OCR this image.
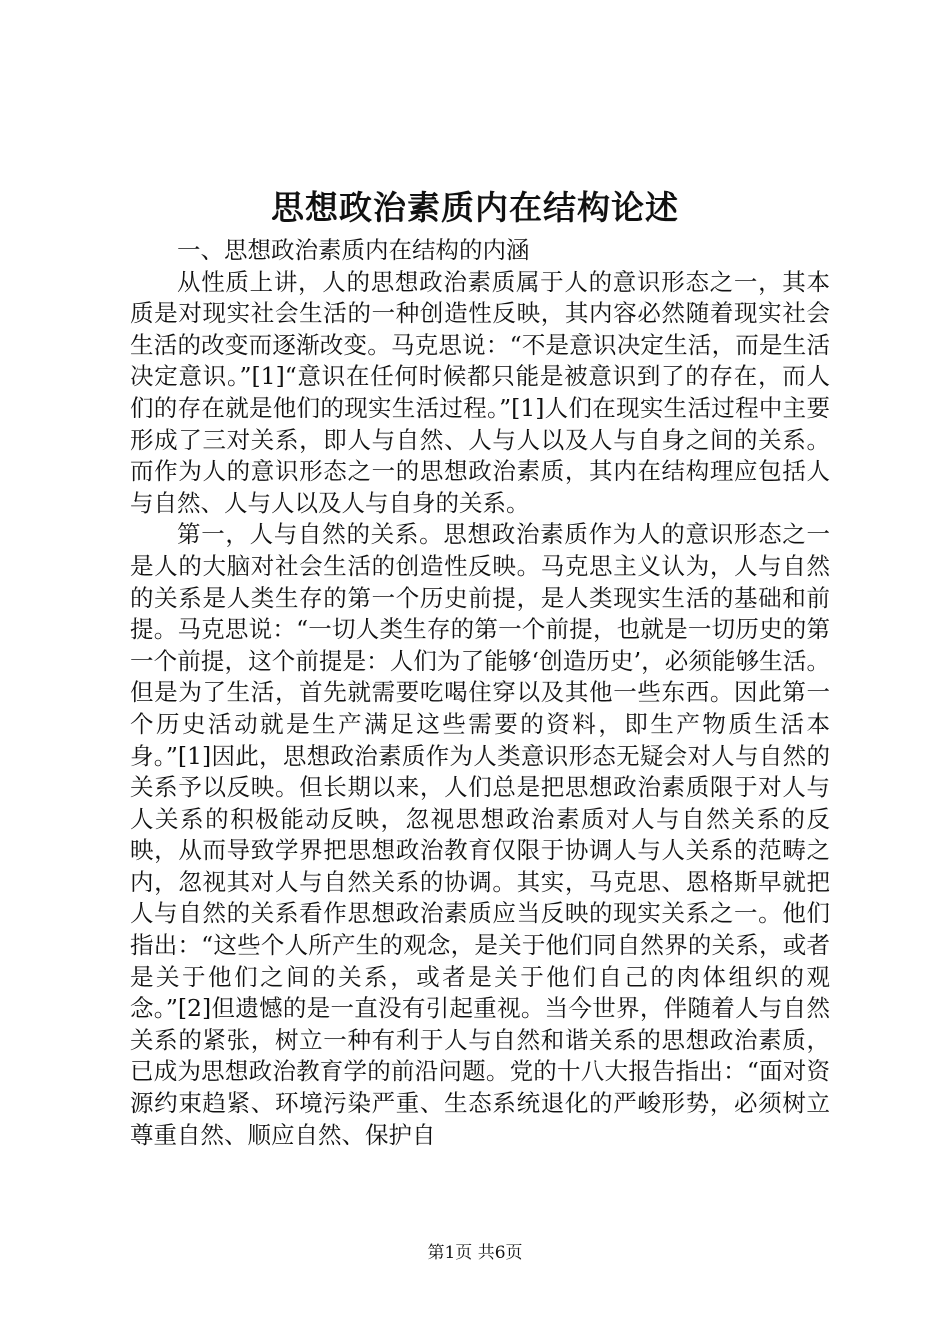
思想政治素质内在结构论述

一、思想政治素质内在结构的内涵

从性质上讲，人的思想政治素质属于人的意识形态之一，其本质是对现实社会生活的一种创造性反映，其内容必然随着现实社会生活的改变而逐渐改变。马克思说：“不是意识决定生活，而是生活决定意识。”[1]“意识在任何时候都只能是被意识到了的存在，而人们的存在就是他们的现实生活过程。”[1]人们在现实生活过程中主要形成了三对关系，即人与自然、人与人以及人与自身之间的关系。而作为人的意识形态之一的思想政治素质，其内在结构理应包括人与自然、人与人以及人与自身的关系。

第一，人与自然的关系。思想政治素质作为人的意识形态之一是人的大脑对社会生活的创造性反映。马克思主义认为，人与自然的关系是人类生存的第一个历史前提，是人类现实生活的基础和前提。马克思说：“一切人类生存的第一个前提，也就是一切历史的第一个前提，这个前提是：人们为了能够‘创造历史’，必须能够生活。但是为了生活，首先就需要吃喝住穿以及其他一些东西。因此第一个历史活动就是生产满足这些需要的资料，即生产物质生活本身。”[1]因此，思想政治素质作为人类意识形态无疑会对人与自然的关系予以反映。但长期以来，人们总是把思想政治素质限于对人与人关系的积极能动反映，忽视思想政治素质对人与自然关系的反映，从而导致学界把思想政治教育仅限于协调人与人关系的范畴之内，忽视其对人与自然关系的协调。其实，马克思、恩格斯早就把人与自然的关系看作思想政治素质应当反映的现实关系之一。他们指出：“这些个人所产生的观念，是关于他们同自然界的关系，或者是关于他们之间的关系，或者是关于他们自己的肉体组织的观念。”[2]但遗憾的是一直没有引起重视。当今世界，伴随着人与自然关系的紧张，树立一种有利于人与自然和谐关系的思想政治素质，已成为思想政治教育学的前沿问题。党的十八大报告指出：“面对资源约束趋紧、环境污染严重、生态系统退化的严峻形势，必须树立尊重自然、顺应自然、保护自

第1页 共6页
